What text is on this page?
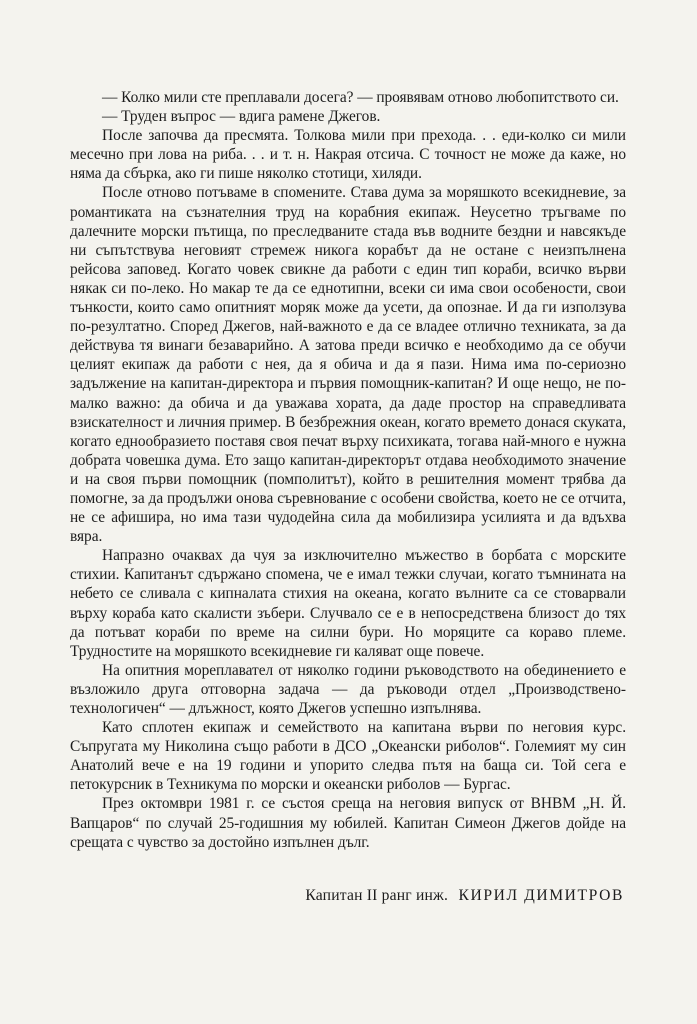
— Колко мили сте преплавали досега? — проявявам отново любопитството си.

— Труден въпрос — вдига рамене Джегов.

После започва да пресмята. Толкова мили при прехода. . . еди-колко си мили месечно при лова на риба. . . и т. н. Накрая отсича. С точност не може да каже, но няма да сбърка, ако ги пише няколко стотици, хиляди.

После отново потъваме в спомените. Става дума за моряшкото всекидневие, за романтиката на съзнателния труд на корабния екипаж. Неусетно тръгваме по далечните морски пътища, по преследваните стада във водните бездни и навсякъде ни съпътствува неговият стремеж никога корабът да не остане с неизпълнена рейсова заповед. Когато човек свикне да работи с един тип кораби, всичко върви някак си по-леко. Но макар те да се еднотипни, всеки си има свои особености, свои тънкости, които само опитният моряк може да усети, да опознае. И да ги използува по-резултатно. Според Джегов, най-важното е да се владее отлично техниката, за да действува тя винаги безаварийно. А затова преди всичко е необходимо да се обучи целият екипаж да работи с нея, да я обича и да я пази. Нима има по-сериозно задължение на капитан-директора и първия помощник-капитан? И още нещо, не по-малко важно: да обича и да уважава хората, да даде простор на справедливата взискателност и личния пример. В безбрежния океан, когато времето донася скуката, когато еднообразието поставя своя печат върху психиката, тогава най-много е нужна добрата човешка дума. Ето защо капитан-директорът отдава необходимото значение и на своя първи помощник (помполитът), който в решителния момент трябва да помогне, за да продължи онова съревнование с особени свойства, което не се отчита, не се афишира, но има тази чудодейна сила да мобилизира усилията и да вдъхва вяра.

Напразно очаквах да чуя за изключително мъжество в борбата с морските стихии. Капитанът сдържано спомена, че е имал тежки случаи, когато тъмнината на небето се сливала с кипналата стихия на океана, когато вълните са се стоварвали върху кораба като скалисти зъбери. Случвало се е в непосредствена близост до тях да потъват кораби по време на силни бури. Но моряците са кораво племе. Трудностите на моряшкото всекидневие ги каляват още повече.

На опитния мореплавател от няколко години ръководството на обединението е възложило друга отговорна задача — да ръководи отдел „Производствено-технологичен“ — длъжност, която Джегов успешно изпълнява.

Като сплотен екипаж и семейството на капитана върви по неговия курс. Съпругата му Николина също работи в ДСО „Океански риболов“. Големият му син Анатолий вече е на 19 години и упорито следва пътя на баща си. Той сега е петокурсник в Техникума по морски и океански риболов — Бургас.

През октомври 1981 г. се състоя среща на неговия випуск от ВНВМ „Н. Й. Вапцаров“ по случай 25-годишния му юбилей. Капитан Симеон Джегов дойде на срещата с чувство за достойно изпълнен дълг.

Капитан II ранг инж. КИРИЛ ДИМИТРОВ
